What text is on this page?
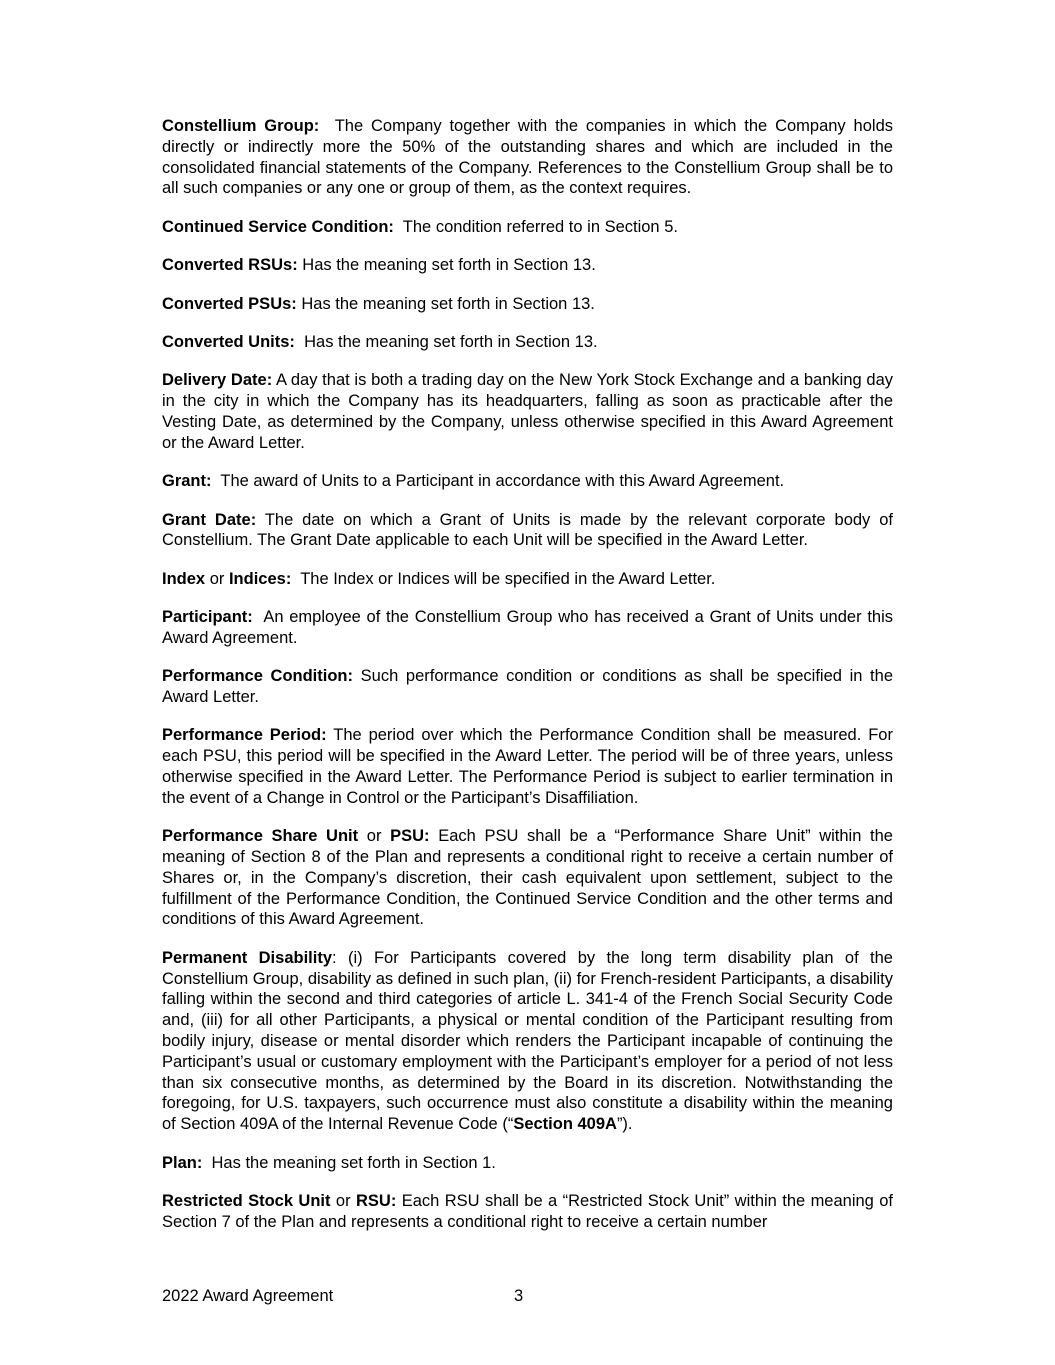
Constellium Group: The Company together with the companies in which the Company holds directly or indirectly more the 50% of the outstanding shares and which are included in the consolidated financial statements of the Company. References to the Constellium Group shall be to all such companies or any one or group of them, as the context requires.

Continued Service Condition: The condition referred to in Section 5.

Converted RSUs: Has the meaning set forth in Section 13.

Converted PSUs: Has the meaning set forth in Section 13.

Converted Units: Has the meaning set forth in Section 13.

Delivery Date: A day that is both a trading day on the New York Stock Exchange and a banking day in the city in which the Company has its headquarters, falling as soon as practicable after the Vesting Date, as determined by the Company, unless otherwise specified in this Award Agreement or the Award Letter.

Grant: The award of Units to a Participant in accordance with this Award Agreement.

Grant Date: The date on which a Grant of Units is made by the relevant corporate body of Constellium. The Grant Date applicable to each Unit will be specified in the Award Letter.

Index or Indices: The Index or Indices will be specified in the Award Letter.

Participant: An employee of the Constellium Group who has received a Grant of Units under this Award Agreement.

Performance Condition: Such performance condition or conditions as shall be specified in the Award Letter.

Performance Period: The period over which the Performance Condition shall be measured. For each PSU, this period will be specified in the Award Letter. The period will be of three years, unless otherwise specified in the Award Letter. The Performance Period is subject to earlier termination in the event of a Change in Control or the Participant’s Disaffiliation.

Performance Share Unit or PSU: Each PSU shall be a “Performance Share Unit” within the meaning of Section 8 of the Plan and represents a conditional right to receive a certain number of Shares or, in the Company’s discretion, their cash equivalent upon settlement, subject to the fulfillment of the Performance Condition, the Continued Service Condition and the other terms and conditions of this Award Agreement.

Permanent Disability: (i) For Participants covered by the long term disability plan of the Constellium Group, disability as defined in such plan, (ii) for French-resident Participants, a disability falling within the second and third categories of article L. 341-4 of the French Social Security Code and, (iii) for all other Participants, a physical or mental condition of the Participant resulting from bodily injury, disease or mental disorder which renders the Participant incapable of continuing the Participant’s usual or customary employment with the Participant’s employer for a period of not less than six consecutive months, as determined by the Board in its discretion. Notwithstanding the foregoing, for U.S. taxpayers, such occurrence must also constitute a disability within the meaning of Section 409A of the Internal Revenue Code (“Section 409A”).

Plan: Has the meaning set forth in Section 1.

Restricted Stock Unit or RSU: Each RSU shall be a “Restricted Stock Unit” within the meaning of Section 7 of the Plan and represents a conditional right to receive a certain number

2022 Award Agreement	3
